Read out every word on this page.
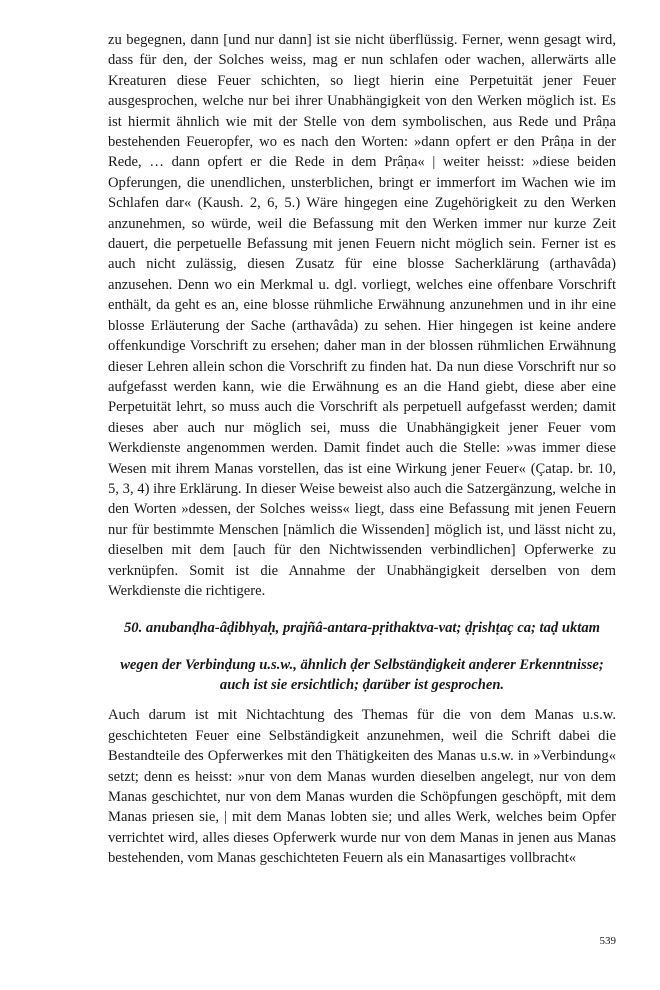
zu begegnen, dann [und nur dann] ist sie nicht überflüssig. Ferner, wenn gesagt wird, dass für den, der Solches weiss, mag er nun schlafen oder wachen, allerwärts alle Kreaturen diese Feuer schichten, so liegt hierin eine Perpetuität jener Feuer ausgesprochen, welche nur bei ihrer Unabhängigkeit von den Werken möglich ist. Es ist hiermit ähnlich wie mit der Stelle von dem symbolischen, aus Rede und Prâṇa bestehenden Feueropfer, wo es nach den Worten: »dann opfert er den Prâṇa in der Rede, … dann opfert er die Rede in dem Prâṇa« | weiter heisst: »diese beiden Opferungen, die unendlichen, unsterblichen, bringt er immerfort im Wachen wie im Schlafen dar« (Kaush. 2, 6, 5.) Wäre hingegen eine Zugehörigkeit zu den Werken anzunehmen, so würde, weil die Befassung mit den Werken immer nur kurze Zeit dauert, die perpetuelle Befassung mit jenen Feuern nicht möglich sein. Ferner ist es auch nicht zulässig, diesen Zusatz für eine blosse Sacherklärung (arthavâda) anzusehen. Denn wo ein Merkmal u. dgl. vorliegt, welches eine offenbare Vorschrift enthält, da geht es an, eine blosse rühmliche Erwähnung anzunehmen und in ihr eine blosse Erläuterung der Sache (arthavâda) zu sehen. Hier hingegen ist keine andere offenkundige Vorschrift zu ersehen; daher man in der blossen rühmlichen Erwähnung dieser Lehren allein schon die Vorschrift zu finden hat. Da nun diese Vorschrift nur so aufgefasst werden kann, wie die Erwähnung es an die Hand giebt, diese aber eine Perpetuität lehrt, so muss auch die Vorschrift als perpetuell aufgefasst werden; damit dieses aber auch nur möglich sei, muss die Unabhängigkeit jener Feuer vom Werkdienste angenommen werden. Damit findet auch die Stelle: »was immer diese Wesen mit ihrem Manas vorstellen, das ist eine Wirkung jener Feuer« (Çatap. br. 10, 5, 3, 4) ihre Erklärung. In dieser Weise beweist also auch die Satzergänzung, welche in den Worten »dessen, der Solches weiss« liegt, dass eine Befassung mit jenen Feuern nur für bestimmte Menschen [nämlich die Wissenden] möglich ist, und lässt nicht zu, dieselben mit dem [auch für den Nichtwissenden verbindlichen] Opferwerke zu verknüpfen. Somit ist die Annahme der Unabhängigkeit derselben von dem Werkdienste die richtigere.

50. anubanḍha-âḍibhyaḥ, prajñâ-antara-pṛithaktva-vat; ḍṛishṭaç ca; taḍ uktam
wegen der Verbinḍung u.s.w., ähnlich ḍer Selbstänḍigkeit anḍerer Erkenntnisse; auch ist sie ersichtlich; ḍarüber ist gesprochen.

Auch darum ist mit Nichtachtung des Themas für die von dem Manas u.s.w. geschichteten Feuer eine Selbständigkeit anzunehmen, weil die Schrift dabei die Bestandteile des Opferwerkes mit den Thätigkeiten des Manas u.s.w. in »Verbindung« setzt; denn es heisst: »nur von dem Manas wurden dieselben angelegt, nur von dem Manas geschichtet, nur von dem Manas wurden die Schöpfungen geschöpft, mit dem Manas priesen sie, | mit dem Manas lobten sie; und alles Werk, welches beim Opfer verrichtet wird, alles dieses Opferwerk wurde nur von dem Manas in jenen aus Manas bestehenden, vom Manas geschichteten Feuern als ein Manasartiges vollbracht«

539
